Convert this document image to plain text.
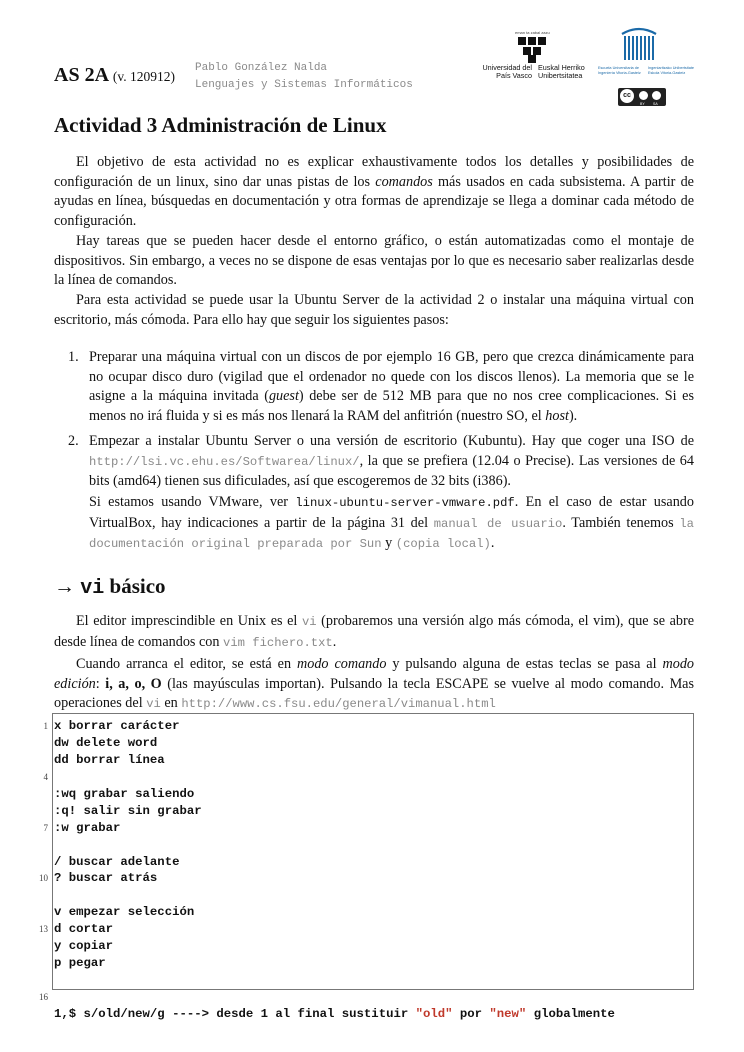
AS 2A (v. 120912)
Pablo González Nalda
Lenguajes y Sistemas Informáticos
eman ta zabal zazu
Universidad del País Vasco
Euskal Herriko Unibertsitatea
Escuela Universitaria de Ingeniería Vitoria-Gasteiz
Ingeniaritzako Unibertsitate Eskola Vitoria-Gasteiz
cc
BY SA
Actividad 3 Administración de Linux

El objetivo de esta actividad no es explicar exhaustivamente todos los detalles y posibilidades de configuración de un linux, sino dar unas pistas de los comandos más usados en cada subsistema. A partir de ayudas en línea, búsquedas en documentación y otra formas de aprendizaje se llega a dominar cada método de configuración.

Hay tareas que se pueden hacer desde el entorno gráfico, o están automatizadas como el montaje de dispositivos. Sin embargo, a veces no se dispone de esas ventajas por lo que es necesario saber realizarlas desde la línea de comandos.

Para esta actividad se puede usar la Ubuntu Server de la actividad 2 o instalar una máquina virtual con escritorio, más cómoda. Para ello hay que seguir los siguientes pasos:

1. Preparar una máquina virtual con un discos de por ejemplo 16 GB, pero que crezca dinámicamente para no ocupar disco duro (vigilad que el ordenador no quede con los discos llenos). La memoria que se le asigne a la máquina invitada (guest) debe ser de 512 MB para que no nos cree complicaciones. Si es menos no irá fluida y si es más nos llenará la RAM del anfitrión (nuestro SO, el host).
2. Empezar a instalar Ubuntu Server o una versión de escritorio (Kubuntu). Hay que coger una ISO de http://lsi.vc.ehu.es/Softwarea/linux/, la que se prefiera (12.04 o Precise). Las versiones de 64 bits (amd64) tienen sus dificulades, así que escogeremos de 32 bits (i386).
Si estamos usando VMware, ver linux-ubuntu-server-vmware.pdf. En el caso de estar usando VirtualBox, hay indicaciones a partir de la página 31 del manual de usuario. También tenemos la documentación original preparada por Sun y (copia local).
→ vi básico

El editor imprescindible en Unix es el vi (probaremos una versión algo más cómoda, el vim), que se abre desde línea de comandos con vim fichero.txt.

Cuando arranca el editor, se está en modo comando y pulsando alguna de estas teclas se pasa al modo edición: i, a, o, O (las mayúsculas importan). Pulsando la tecla ESCAPE se vuelve al modo comando. Mas operaciones del vi en http://www.cs.fsu.edu/general/vimanual.html

1 x borrar carácter
dw delete word
dd borrar línea
4
:wq grabar saliendo
:q! salir sin grabar
7 :w grabar
/ buscar adelante
10 ? buscar atrás
v empezar selección
13 d cortar
y copiar
p pegar

16

1,$ s/old/new/g ----> desde 1 al final sustituir "old" por "new" globalmente
